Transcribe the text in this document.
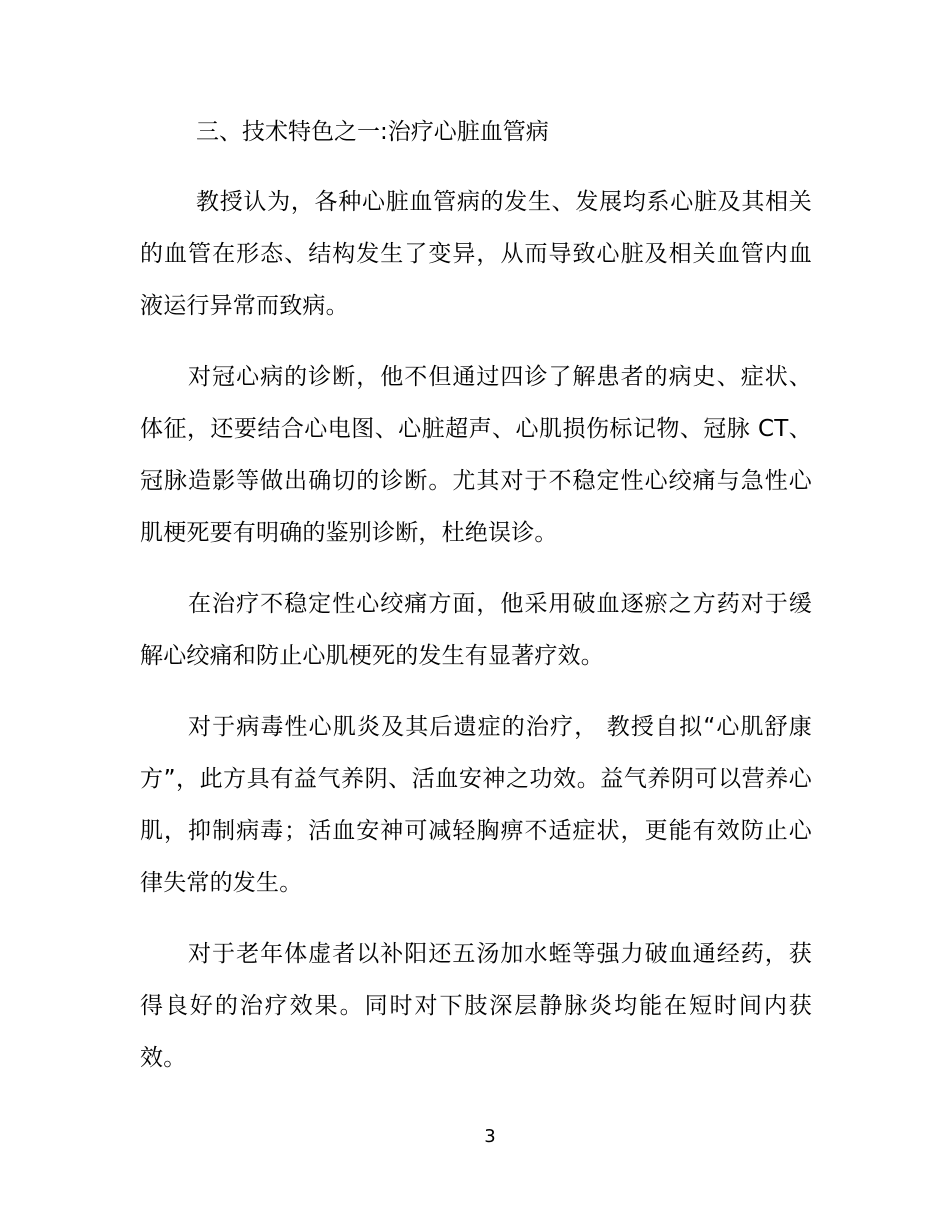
三、技术特色之一:治疗心脏血管病

教授认为，各种心脏血管病的发生、发展均系心脏及其相关的血管在形态、结构发生了变异，从而导致心脏及相关血管内血液运行异常而致病。

对冠心病的诊断，他不但通过四诊了解患者的病史、症状、体征，还要结合心电图、心脏超声、心肌损伤标记物、冠脉 CT、冠脉造影等做出确切的诊断。尤其对于不稳定性心绞痛与急性心肌梗死要有明确的鉴别诊断，杜绝误诊。

在治疗不稳定性心绞痛方面，他采用破血逐瘀之方药对于缓解心绞痛和防止心肌梗死的发生有显著疗效。

对于病毒性心肌炎及其后遗症的治疗， 教授自拟“心肌舒康方”，此方具有益气养阴、活血安神之功效。益气养阴可以营养心肌，抑制病毒；活血安神可减轻胸痹不适症状，更能有效防止心律失常的发生。

对于老年体虚者以补阳还五汤加水蛭等强力破血通经药，获得良好的治疗效果。同时对下肢深层静脉炎均能在短时间内获效。

3
